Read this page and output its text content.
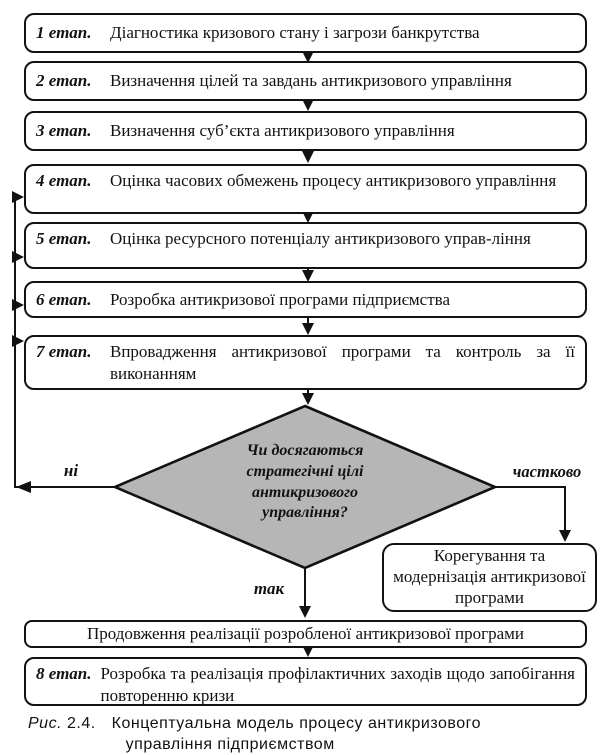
1 етап.	Діагностика кризового стану і загрози банкрутства
2 етап.	Визначення цілей та завдань антикризового управління
3 етап.	Визначення суб’єкта антикризового управління
4 етап.	Оцінка часових обмежень процесу антикризового управління
5 етап.	Оцінка ресурсного потенціалу антикризового управ-ління
6 етап.	Розробка антикризової програми підприємства
7 етап.	Впровадження антикризової програми та контроль за її виконанням
Чи досягаються стратегічні цілі антикризового управління?
ні	частково
так
Корегування та модернізація антикризової програми
Продовження реалізації розробленої антикризової програми
8 етап. Розробка та реалізація профілактичних заходів щодо запобігання повторенню кризи
Рис. 2.4. Концептуальна модель процесу антикризового
управління підприємством
